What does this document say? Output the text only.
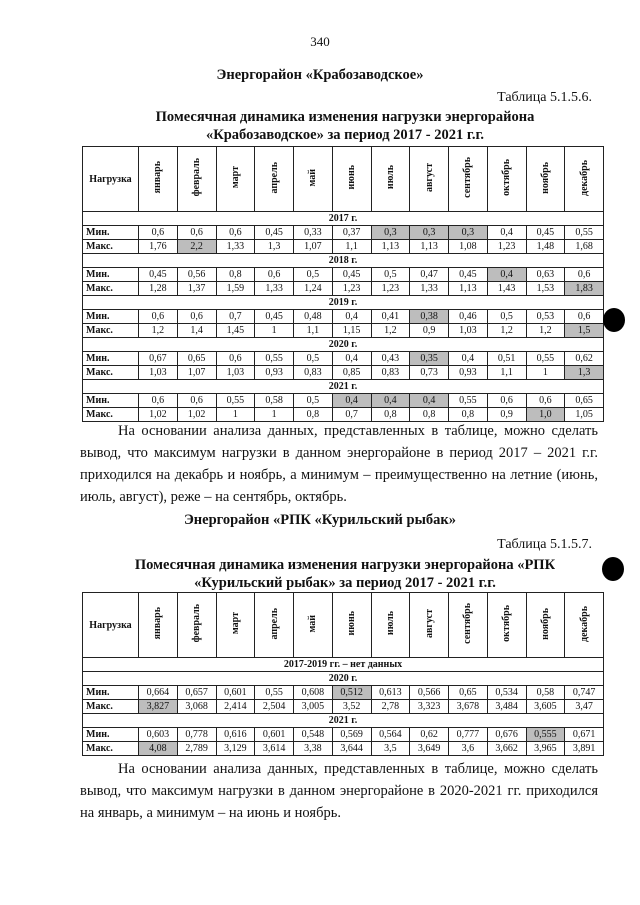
340
Энергорайон «Крабозаводское»
Таблица 5.1.5.6.
Помесячная динамика изменения нагрузки энергорайона
«Крабозаводское» за период 2017 - 2021 г.г.
Нагрузка	январь	февраль	март	апрель	май	июнь	июль	август	сентябрь	октябрь	ноябрь	декабрь
2017 г.												
Мин.	0,6	0,6	0,6	0,45	0,33	0,37	0,3	0,3	0,3	0,4	0,45	0,55
Макс.	1,76	2,2	1,33	1,3	1,07	1,1	1,13	1,13	1,08	1,23	1,48	1,68
2018 г.												
Мин.	0,45	0,56	0,8	0,6	0,5	0,45	0,5	0,47	0,45	0,4	0,63	0,6
Макс.	1,28	1,37	1,59	1,33	1,24	1,23	1,23	1,33	1,13	1,43	1,53	1,83
2019 г.												
Мин.	0,6	0,6	0,7	0,45	0,48	0,4	0,41	0,38	0,46	0,5	0,53	0,6
Макс.	1,2	1,4	1,45	1	1,1	1,15	1,2	0,9	1,03	1,2	1,2	1,5
2020 г.												
Мин.	0,67	0,65	0,6	0,55	0,5	0,4	0,43	0,35	0,4	0,51	0,55	0,62
Макс.	1,03	1,07	1,03	0,93	0,83	0,85	0,83	0,73	0,93	1,1	1	1,3
2021 г.												
Мин.	0,6	0,6	0,55	0,58	0,5	0,4	0,4	0,4	0,55	0,6	0,6	0,65
Макс.	1,02	1,02	1	1	0,8	0,7	0,8	0,8	0,8	0,9	1,0	1,05
На основании анализа данных, представленных в таблице, можно сделать вывод, что максимум нагрузки в данном энергорайоне в период 2017 – 2021 г.г. приходился на декабрь и ноябрь, а минимум – преимущественно на летние (июнь, июль, август), реже – на сентябрь, октябрь.
Энергорайон «РПК «Курильский рыбак»
Таблица 5.1.5.7.
Помесячная динамика изменения нагрузки энергорайона «РПК
«Курильский рыбак» за период 2017 - 2021 г.г.
Нагрузка	январь	февраль	март	апрель	май	июнь	июль	август	сентябрь	октябрь	ноябрь	декабрь
2017-2019 гг. – нет данных												
2020 г.												
Мин.	0,664	0,657	0,601	0,55	0,608	0,512	0,613	0,566	0,65	0,534	0,58	0,747
Макс.	3,827	3,068	2,414	2,504	3,005	3,52	2,78	3,323	3,678	3,484	3,605	3,47
2021 г.												
Мин.	0,603	0,778	0,616	0,601	0,548	0,569	0,564	0,62	0,777	0,676	0,555	0,671
Макс.	4,08	2,789	3,129	3,614	3,38	3,644	3,5	3,649	3,6	3,662	3,965	3,891
На основании анализа данных, представленных в таблице, можно сделать вывод, что максимум нагрузки в данном энергорайоне в 2020-2021 гг. приходился на январь, а минимум – на июнь и ноябрь.
